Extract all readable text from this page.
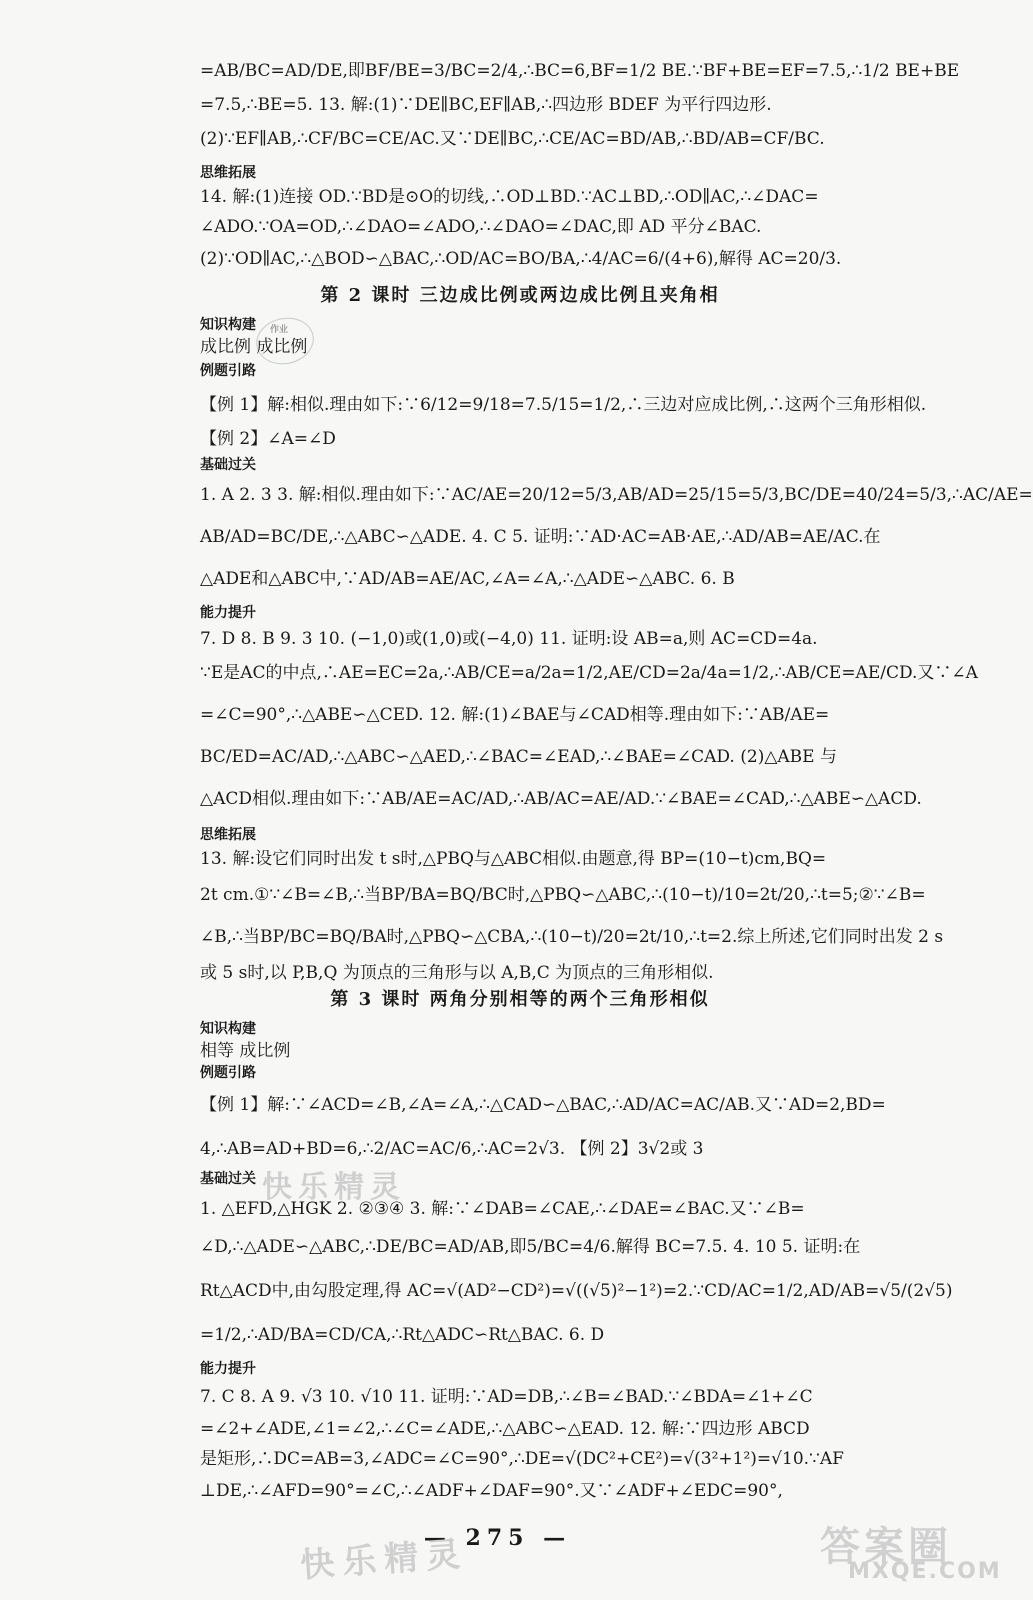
=AB/BC=AD/DE,即BF/BE=3/BC=2/4,∴BC=6,BF=1/2 BE.∵BF+BE=EF=7.5,∴1/2 BE+BE
=7.5,∴BE=5. 13. 解:(1)∵DE∥BC,EF∥AB,∴四边形 BDEF 为平行四边形.
(2)∵EF∥AB,∴CF/BC=CE/AC.又∵DE∥BC,∴CE/AC=BD/AB,∴BD/AB=CF/BC.
思维拓展
14. 解:(1)连接 OD.∵BD是⊙O的切线,∴OD⊥BD.∵AC⊥BD,∴OD∥AC,∴∠DAC=
∠ADO.∵OA=OD,∴∠DAO=∠ADO,∴∠DAO=∠DAC,即 AD 平分∠BAC.
(2)∵OD∥AC,∴△BOD∽△BAC,∴OD/AC=BO/BA,∴4/AC=6/(4+6),解得 AC=20/3.
第 2 课时 三边成比例或两边成比例且夹角相
知识构建 作业
成比例 成比例
例题引路
【例 1】解:相似.理由如下:∵6/12=9/18=7.5/15=1/2,∴三边对应成比例,∴这两个三角形相似.
【例 2】∠A=∠D
基础过关
1. A 2. 3 3. 解:相似.理由如下:∵AC/AE=20/12=5/3,AB/AD=25/15=5/3,BC/DE=40/24=5/3,∴AC/AE=
AB/AD=BC/DE,∴△ABC∽△ADE. 4. C 5. 证明:∵AD·AC=AB·AE,∴AD/AB=AE/AC.在
△ADE和△ABC中,∵AD/AB=AE/AC,∠A=∠A,∴△ADE∽△ABC. 6. B
能力提升
7. D 8. B 9. 3 10. (−1,0)或(1,0)或(−4,0) 11. 证明:设 AB=a,则 AC=CD=4a.
∵E是AC的中点,∴AE=EC=2a,∴AB/CE=a/2a=1/2,AE/CD=2a/4a=1/2,∴AB/CE=AE/CD.又∵∠A
=∠C=90°,∴△ABE∽△CED. 12. 解:(1)∠BAE与∠CAD相等.理由如下:∵AB/AE=
BC/ED=AC/AD,∴△ABC∽△AED,∴∠BAC=∠EAD,∴∠BAE=∠CAD. (2)△ABE 与
△ACD相似.理由如下:∵AB/AE=AC/AD,∴AB/AC=AE/AD.∵∠BAE=∠CAD,∴△ABE∽△ACD.
思维拓展
13. 解:设它们同时出发 t s时,△PBQ与△ABC相似.由题意,得 BP=(10−t)cm,BQ=
2t cm.①∵∠B=∠B,∴当BP/BA=BQ/BC时,△PBQ∽△ABC,∴(10−t)/10=2t/20,∴t=5;②∵∠B=
∠B,∴当BP/BC=BQ/BA时,△PBQ∽△CBA,∴(10−t)/20=2t/10,∴t=2.综上所述,它们同时出发 2 s
或 5 s时,以 P,B,Q 为顶点的三角形与以 A,B,C 为顶点的三角形相似.
第 3 课时 两角分别相等的两个三角形相似
知识构建
相等 成比例
例题引路
【例 1】解:∵∠ACD=∠B,∠A=∠A,∴△CAD∽△BAC,∴AD/AC=AC/AB.又∵AD=2,BD=
4,∴AB=AD+BD=6,∴2/AC=AC/6,∴AC=2√3. 【例 2】3√2或 3
基础过关 快乐精灵
1. △EFD,△HGK 2. ②③④ 3. 解:∵∠DAB=∠CAE,∴∠DAE=∠BAC.又∵∠B=
∠D,∴△ADE∽△ABC,∴DE/BC=AD/AB,即5/BC=4/6.解得 BC=7.5. 4. 10 5. 证明:在
Rt△ACD中,由勾股定理,得 AC=√(AD²−CD²)=√((√5)²−1²)=2.∵CD/AC=1/2,AD/AB=√5/(2√5)
=1/2,∴AD/BA=CD/CA,∴Rt△ADC∽Rt△BAC. 6. D
能力提升
7. C 8. A 9. √3 10. √10 11. 证明:∵AD=DB,∴∠B=∠BAD.∵∠BDA=∠1+∠C
=∠2+∠ADE,∠1=∠2,∴∠C=∠ADE,∴△ABC∽△EAD. 12. 解:∵四边形 ABCD
是矩形,∴DC=AB=3,∠ADC=∠C=90°,∴DE=√(DC²+CE²)=√(3²+1²)=√10.∵AF
⊥DE,∴∠AFD=90°=∠C,∴∠ADF+∠DAF=90°.又∵∠ADF+∠EDC=90°,
— 275 —
快乐精灵	答案圈
MXQE.COM
